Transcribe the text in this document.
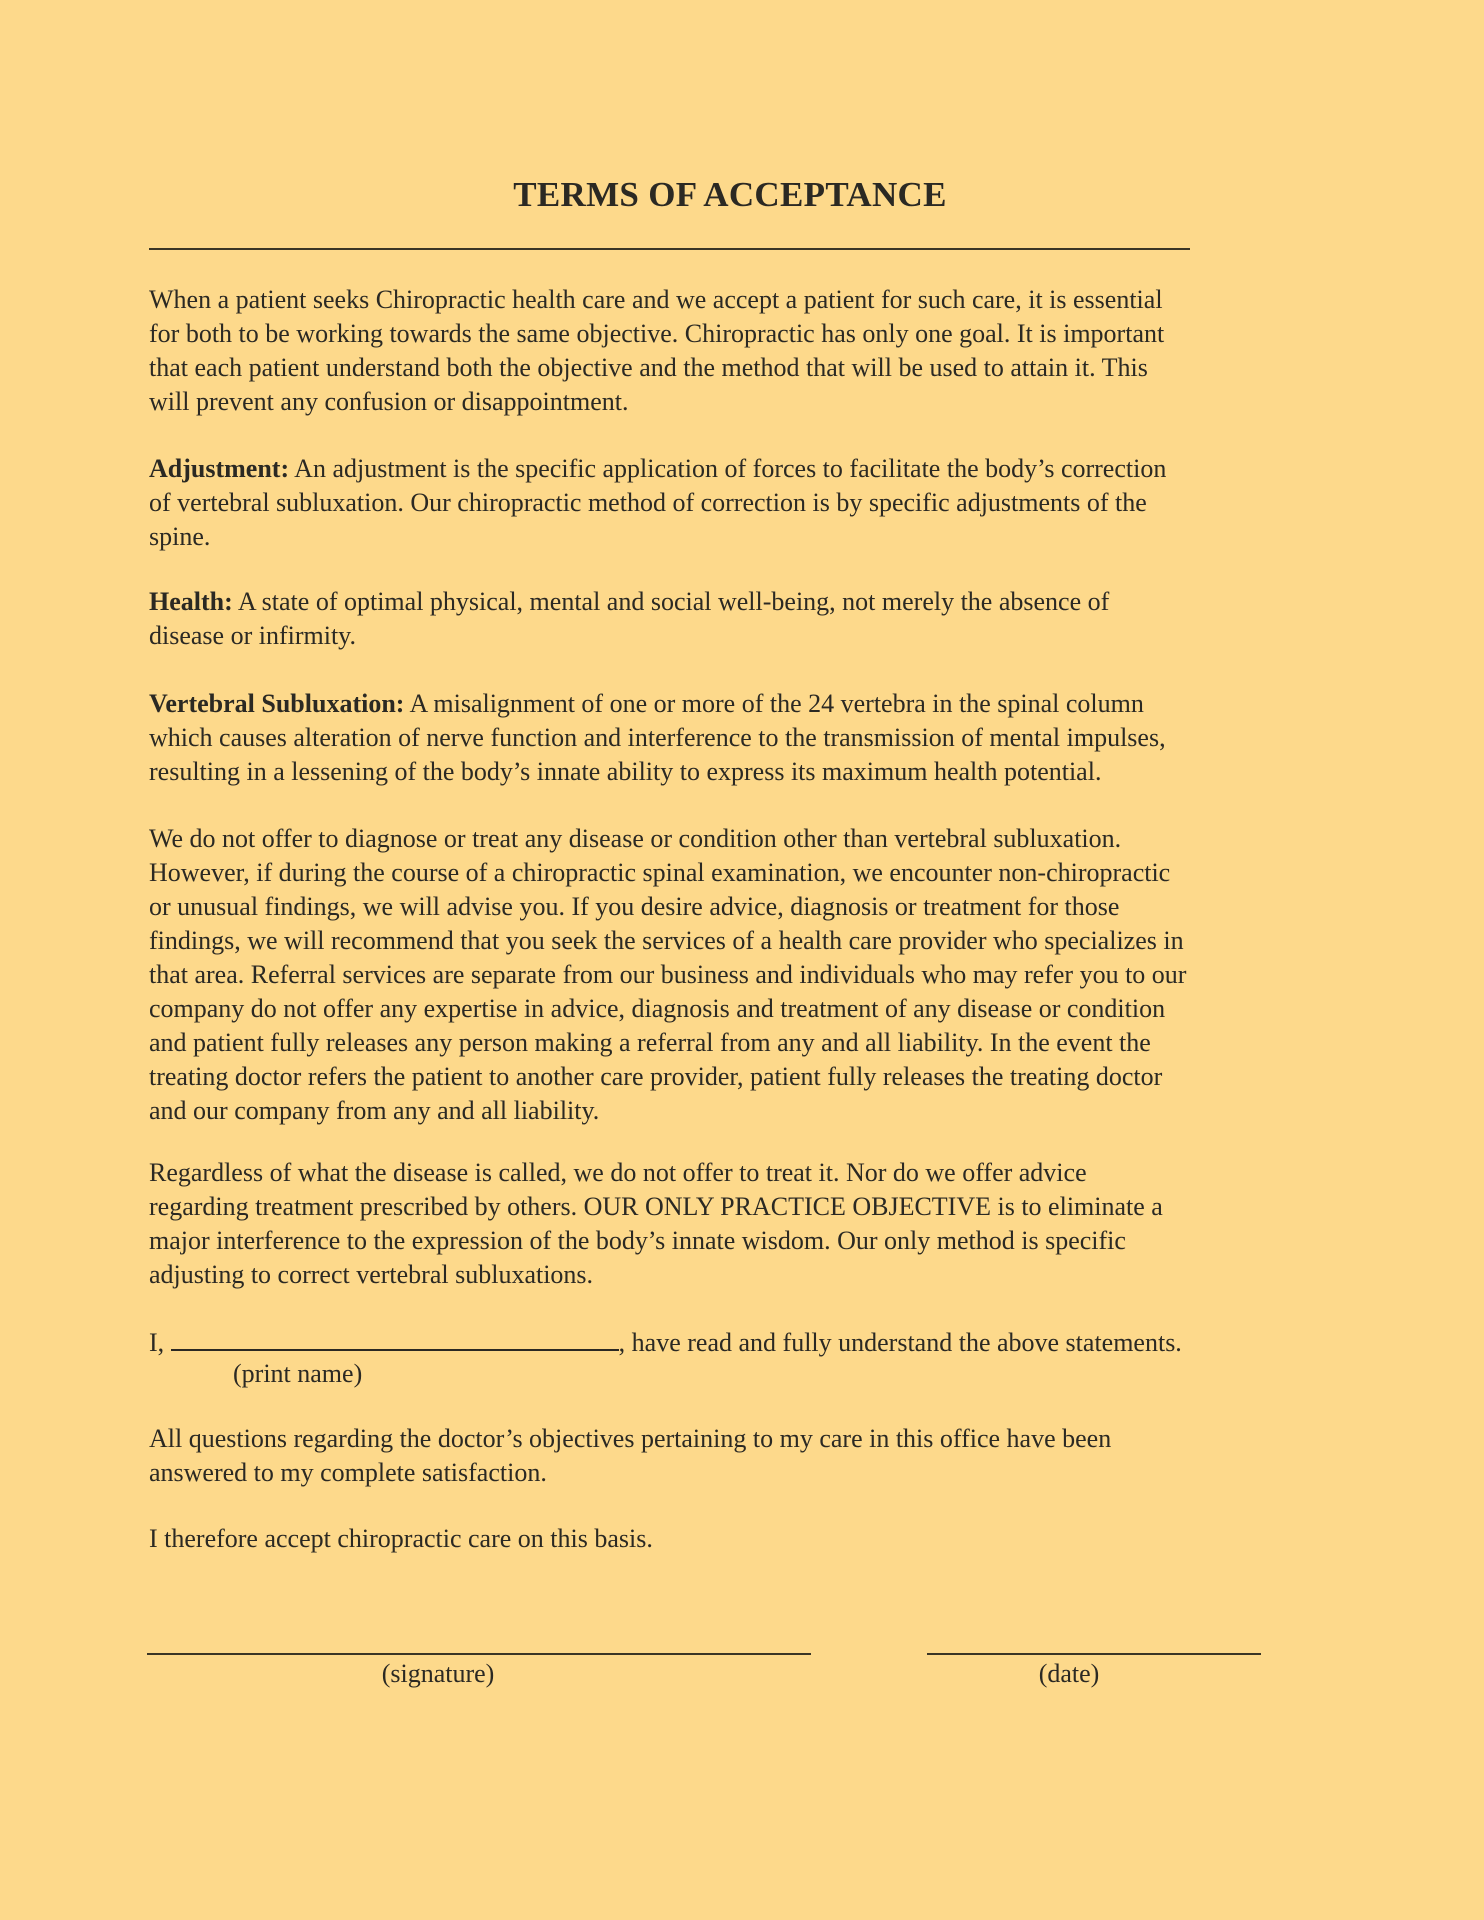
TERMS OF ACCEPTANCE
When a patient seeks Chiropractic health care and we accept a patient for such care, it is essential
for both to be working towards the same objective. Chiropractic has only one goal. It is important
that each patient understand both the objective and the method that will be used to attain it. This
will prevent any confusion or disappointment.
Adjustment: An adjustment is the specific application of forces to facilitate the body’s correction
of vertebral subluxation. Our chiropractic method of correction is by specific adjustments of the
spine.
Health: A state of optimal physical, mental and social well-being, not merely the absence of
disease or infirmity.
Vertebral Subluxation: A misalignment of one or more of the 24 vertebra in the spinal column
which causes alteration of nerve function and interference to the transmission of mental impulses,
resulting in a lessening of the body’s innate ability to express its maximum health potential.
We do not offer to diagnose or treat any disease or condition other than vertebral subluxation.
However, if during the course of a chiropractic spinal examination, we encounter non-chiropractic
or unusual findings, we will advise you. If you desire advice, diagnosis or treatment for those
findings, we will recommend that you seek the services of a health care provider who specializes in
that area. Referral services are separate from our business and individuals who may refer you to our
company do not offer any expertise in advice, diagnosis and treatment of any disease or condition
and patient fully releases any person making a referral from any and all liability. In the event the
treating doctor refers the patient to another care provider, patient fully releases the treating doctor
and our company from any and all liability.
Regardless of what the disease is called, we do not offer to treat it. Nor do we offer advice
regarding treatment prescribed by others. OUR ONLY PRACTICE OBJECTIVE is to eliminate a
major interference to the expression of the body’s innate wisdom. Our only method is specific
adjusting to correct vertebral subluxations.
I,	, have read and fully understand the above statements.
(print name)
All questions regarding the doctor’s objectives pertaining to my care in this office have been
answered to my complete satisfaction.
I therefore accept chiropractic care on this basis.
(signature)	(date)
